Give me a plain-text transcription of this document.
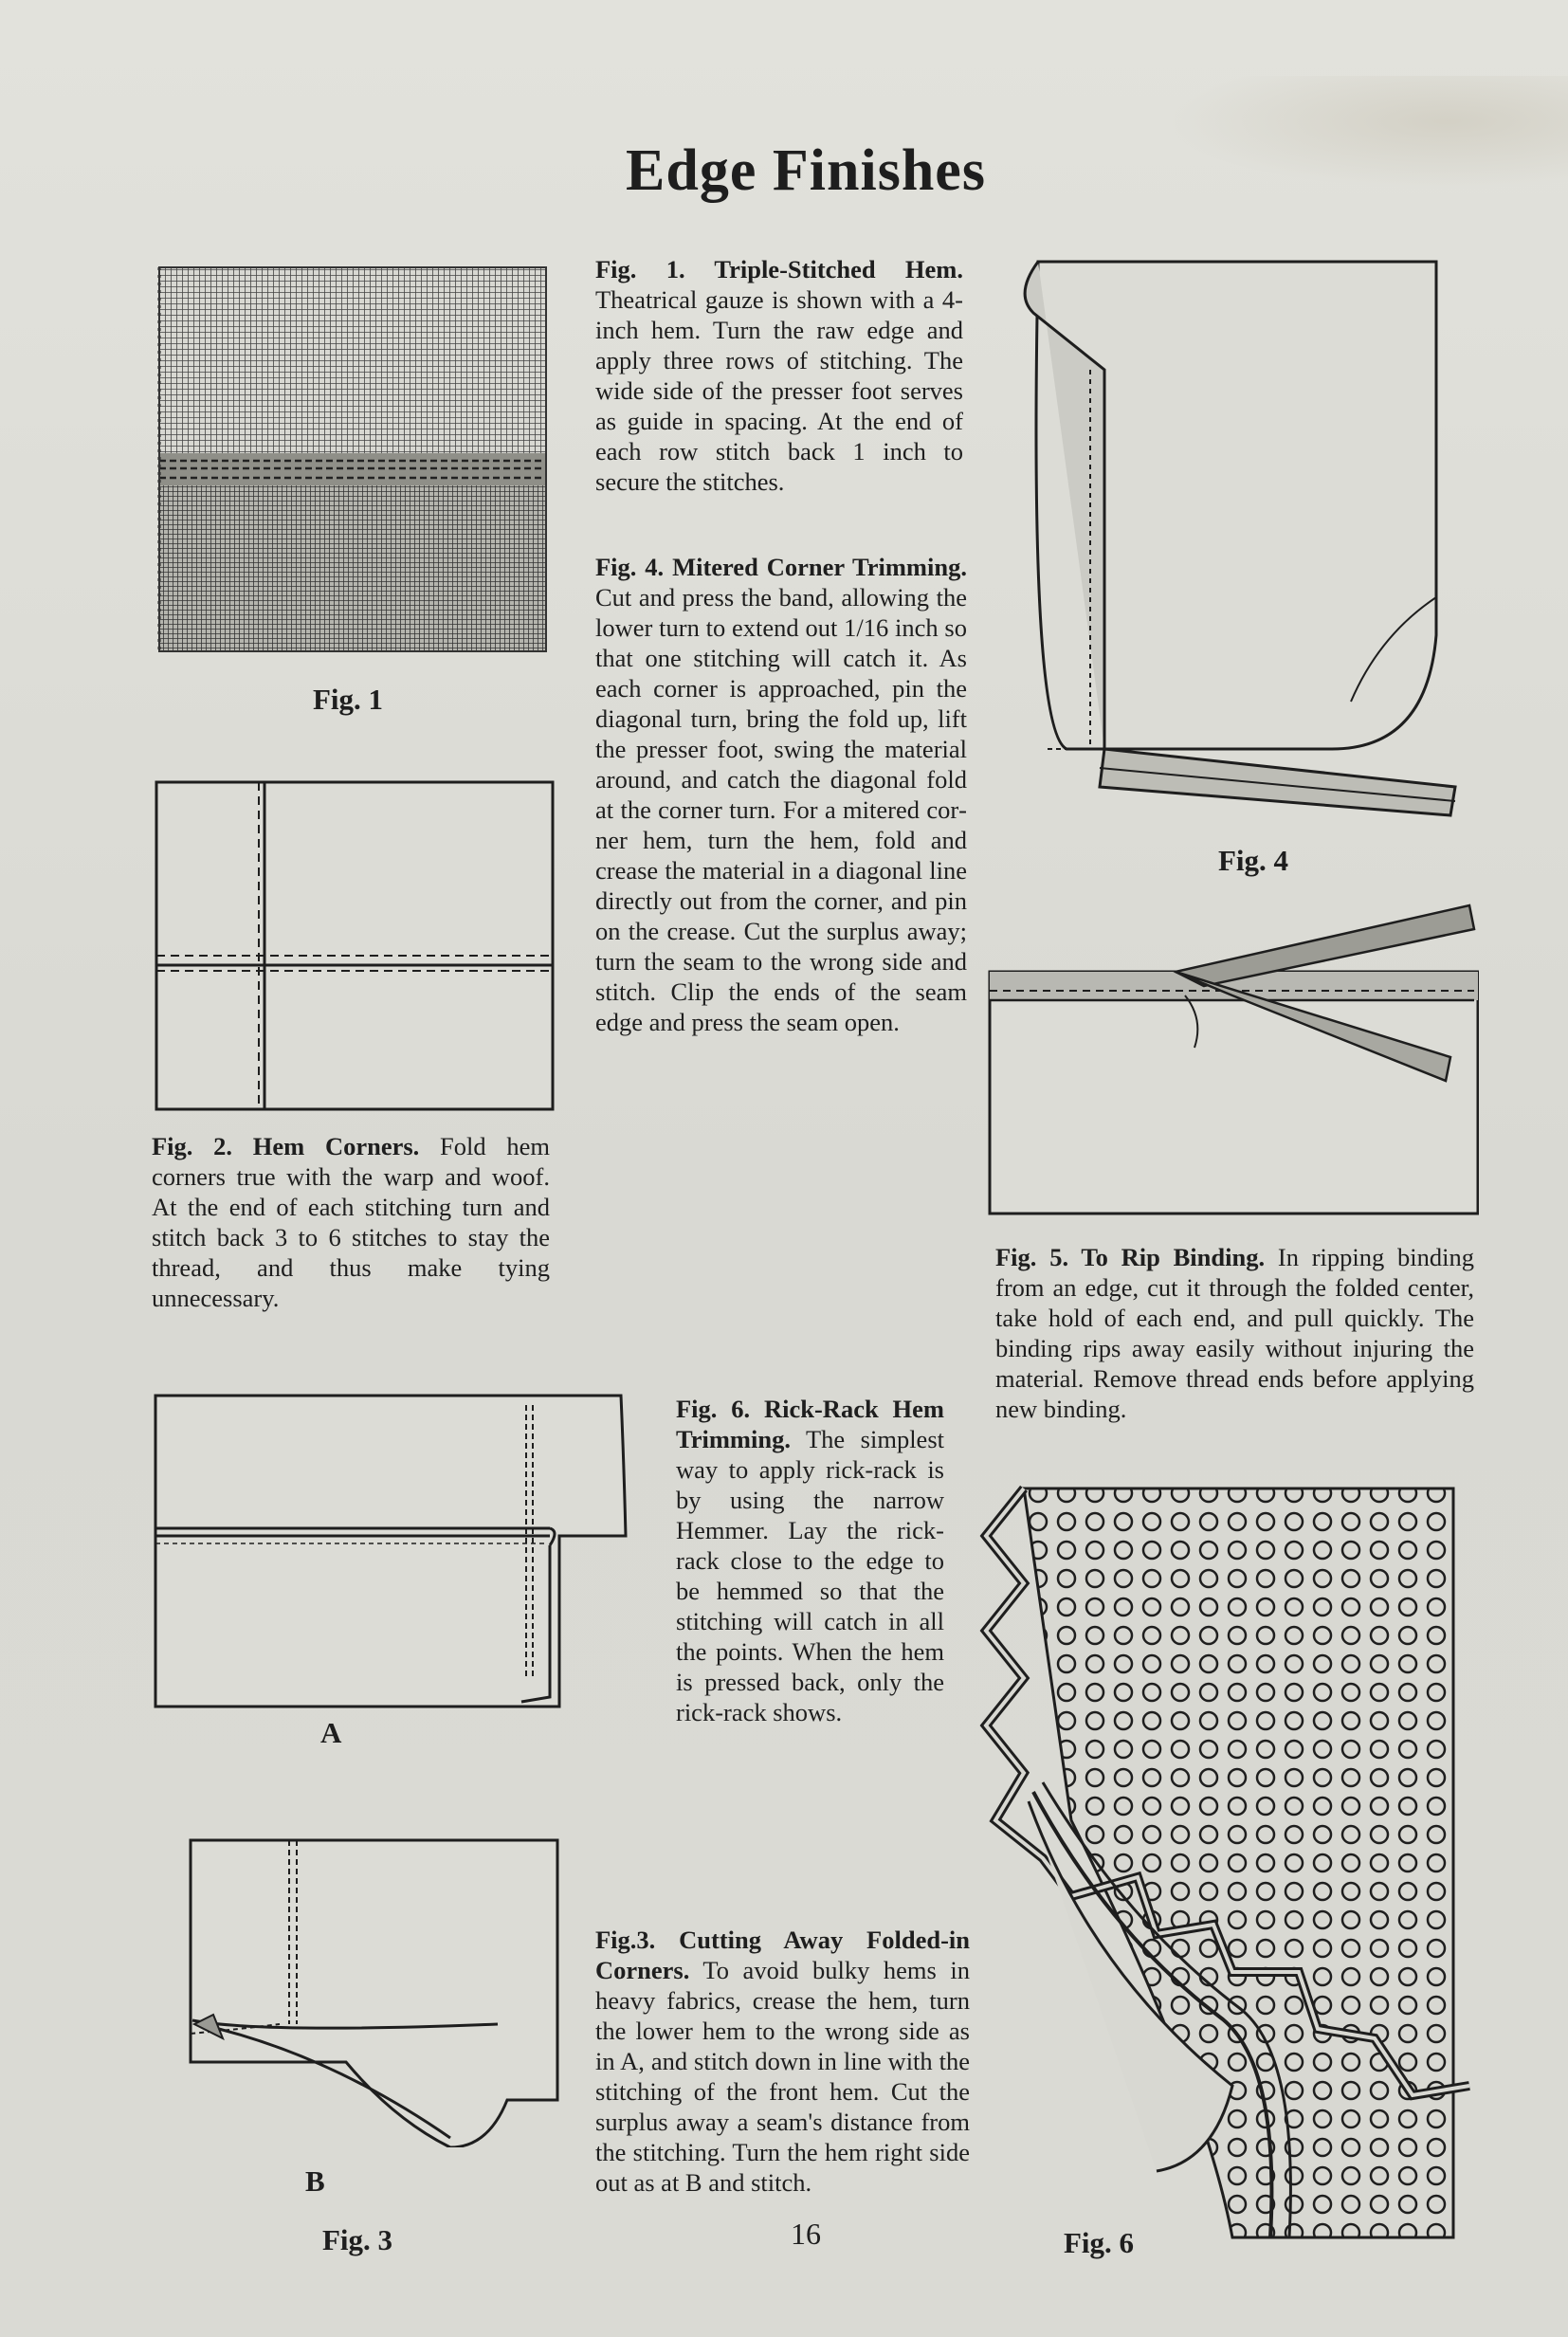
Edge Finishes

Fig. 1

A

B

Fig. 3

Fig. 4

Fig. 6

Fig. 1. Triple-Stitched Hem. Theatrical gauze is shown with a 4-inch hem. Turn the raw edge and apply three rows of stitching. The wide side of the presser foot serves as guide in spacing. At the end of each row stitch back 1 inch to secure the stitches.

Fig. 4. Mitered Corner Trimming. Cut and press the band, allowing the lower turn to extend out 1/16 inch so that one stitching will catch it. As each corner is approached, pin the diagonal turn, bring the fold up, lift the presser foot, swing the material around, and catch the diagonal fold at the corner turn. For a mitered corner hem, turn the hem, fold and crease the material in a diagonal line directly out from the corner, and pin on the crease. Cut the surplus away; turn the seam to the wrong side and stitch. Clip the ends of the seam edge and press the seam open.

Fig. 2. Hem Corners. Fold hem corners true with the warp and woof. At the end of each stitching turn and stitch back 3 to 6 stitches to stay the thread, and thus make tying unnecessary.

Fig. 5. To Rip Binding. In ripping binding from an edge, cut it through the folded center, take hold of each end, and pull quickly. The binding rips away easily without injuring the material. Remove thread ends before applying new binding.

Fig. 6. Rick-Rack Hem Trimming. The simplest way to apply rick-rack is by using the narrow Hemmer. Lay the rick-rack close to the edge to be hemmed so that the stitching will catch in all the points. When the hem is pressed back, only the rick-rack shows.

Fig.3. Cutting Away Folded-in Corners. To avoid bulky hems in heavy fabrics, crease the hem, turn the lower hem to the wrong side as in A, and stitch down in line with the stitching of the front hem. Cut the surplus away a seam's distance from the stitching. Turn the hem right side out as at B and stitch.

16
